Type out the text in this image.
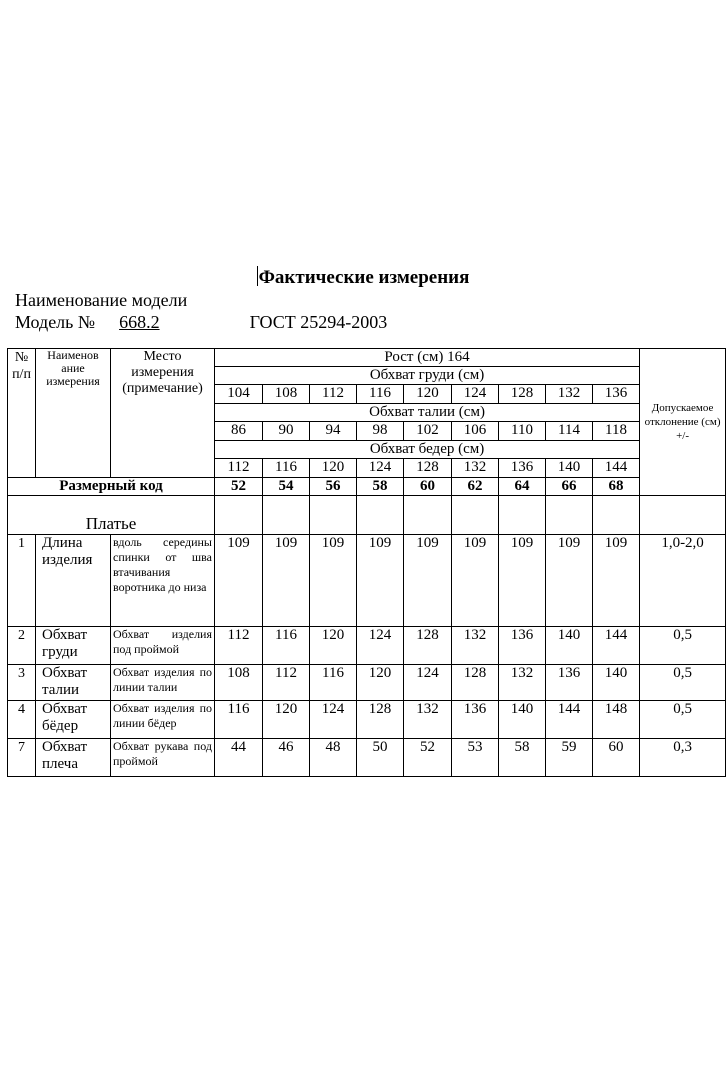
Фактические измерения
Наименование модели
Модель № 668.2	ГОСТ 25294-2003
№ п/п	Наименов ание измерения	Место измерения (примечание)	Рост (см) 164									Допускаемое отклонение (см) +/-	
			Обхват груди (см)										
			104	108	112	116	120	124	128	132	136		
			Обхват талии (см)										
			86	90	94	98	102	106	110	114	118		
			Обхват бедер (см)										
			112	116	120	124	128	132	136	140	144		
Размерный код			52	54	56	58	60	62	64	66	68		
Платье													
1	Длина изделия	вдоль середины спинки от шва втачивания воротника до низа	109	109	109	109	109	109	109	109	109	1,0-2,0	
2	Обхват груди	Обхват изделия под проймой	112	116	120	124	128	132	136	140	144	0,5	
3	Обхват талии	Обхват изделия по линии талии	108	112	116	120	124	128	132	136	140	0,5	
4	Обхват бёдер	Обхват изделия по линии бёдер	116	120	124	128	132	136	140	144	148	0,5	
7	Обхват плеча	Обхват рукава под проймой	44	46	48	50	52	53	58	59	60	0,3	
